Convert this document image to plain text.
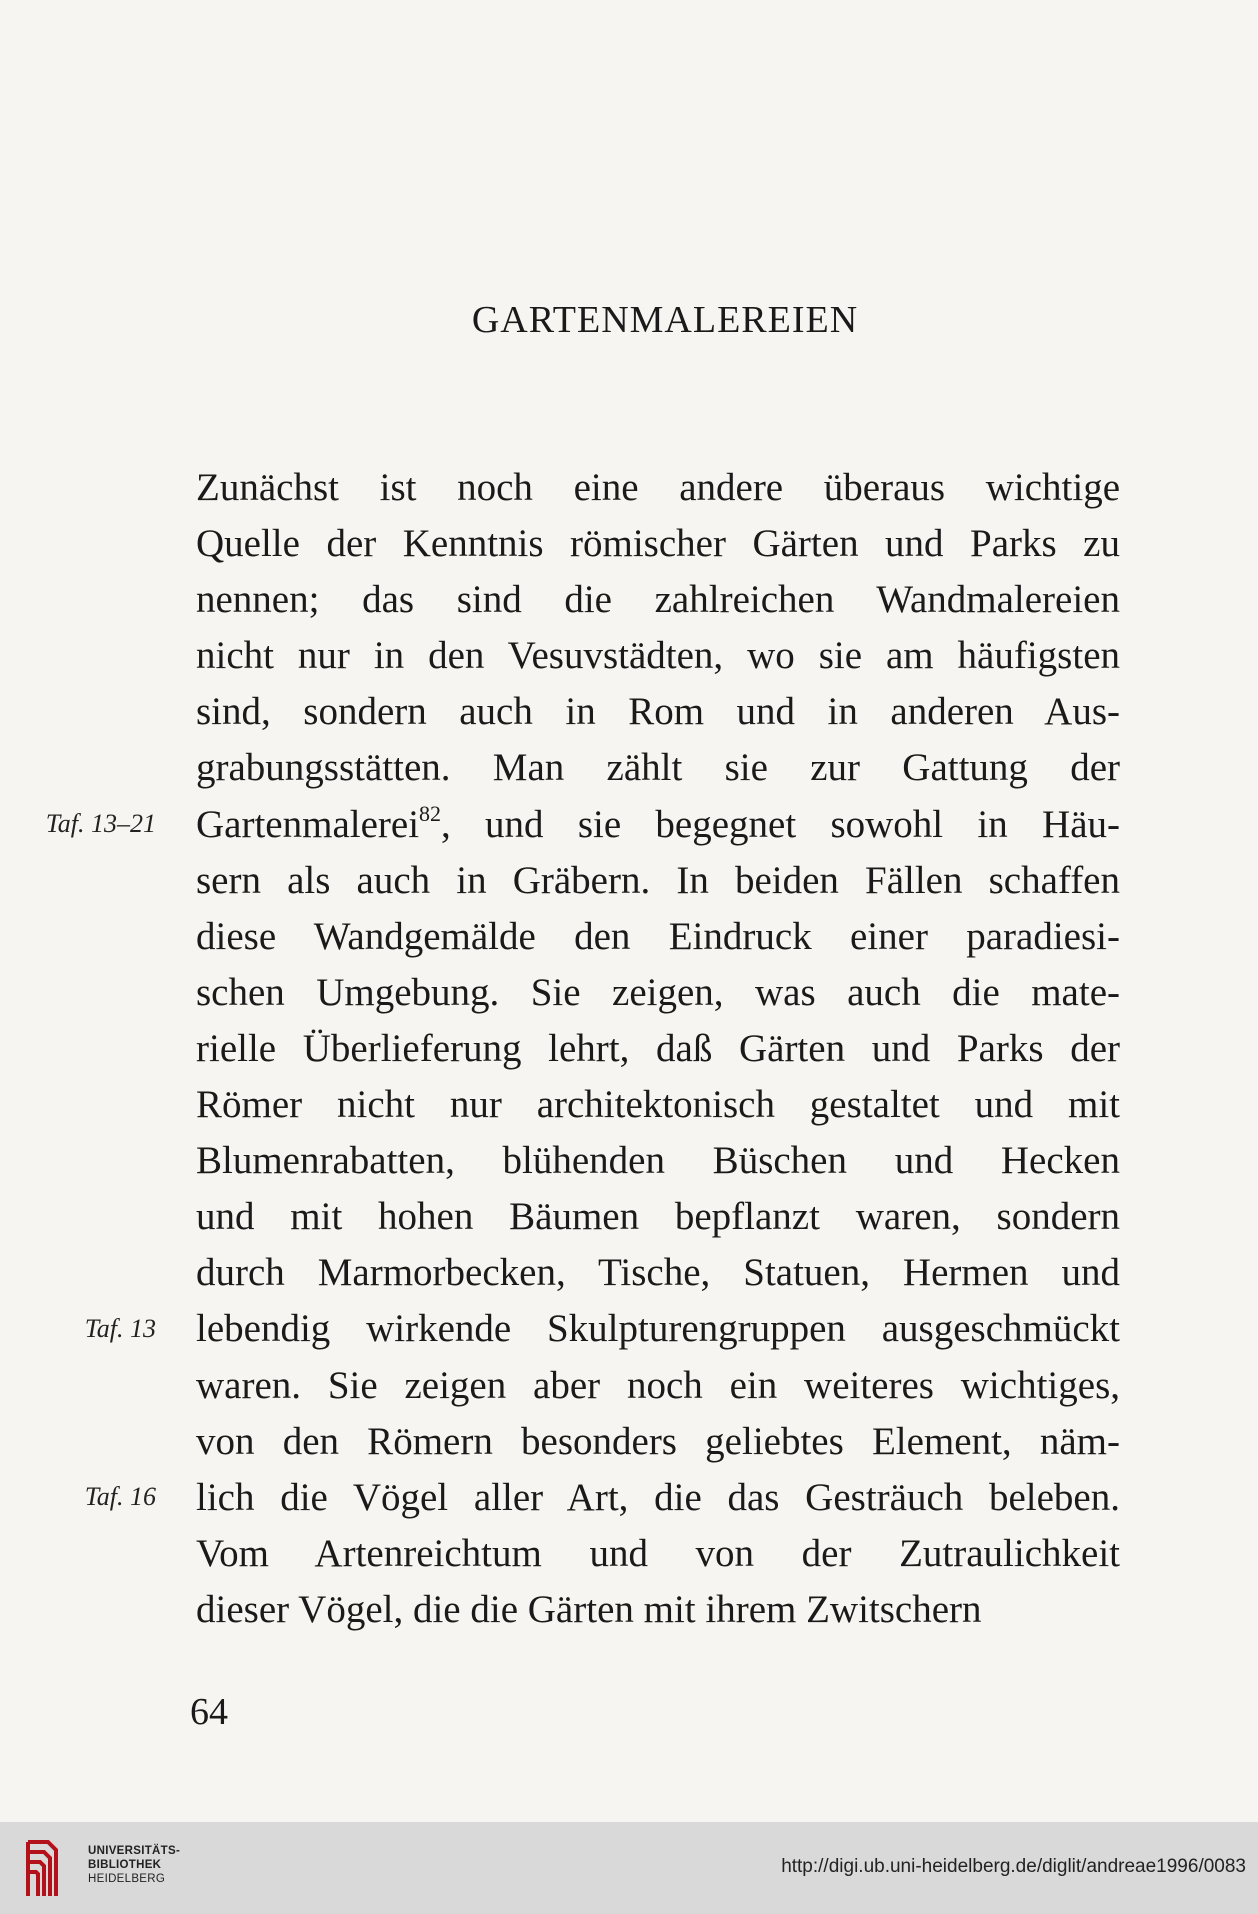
GARTENMALEREIEN
Zunächst ist noch eine andere überaus wichtige
Quelle der Kenntnis römischer Gärten und Parks zu
nennen; das sind die zahlreichen Wandmalereien
nicht nur in den Vesuvstädten, wo sie am häufigsten
sind, sondern auch in Rom und in anderen Aus-
grabungsstätten. Man zählt sie zur Gattung der
Gartenmalerei$^{82}$, und sie begegnet sowohl in Häu-
sern als auch in Gräbern. In beiden Fällen schaffen
diese Wandgemälde den Eindruck einer paradiesi-
schen Umgebung. Sie zeigen, was auch die mate-
rielle Überlieferung lehrt, daß Gärten und Parks der
Römer nicht nur architektonisch gestaltet und mit
Blumenrabatten, blühenden Büschen und Hecken
und mit hohen Bäumen bepflanzt waren, sondern
durch Marmorbecken, Tische, Statuen, Hermen und
lebendig wirkende Skulpturengruppen ausgeschmückt
waren. Sie zeigen aber noch ein weiteres wichtiges,
von den Römern besonders geliebtes Element, näm-
lich die Vögel aller Art, die das Gesträuch beleben.
Vom Artenreichtum und von der Zutraulichkeit
dieser Vögel, die die Gärten mit ihrem Zwitschern
Taf. 13–21
Taf. 13
Taf. 16
64
UNIVERSITÄTS-
BIBLIOTHEK
HEIDELBERG
http://digi.ub.uni-heidelberg.de/diglit/andreae1996/0083
